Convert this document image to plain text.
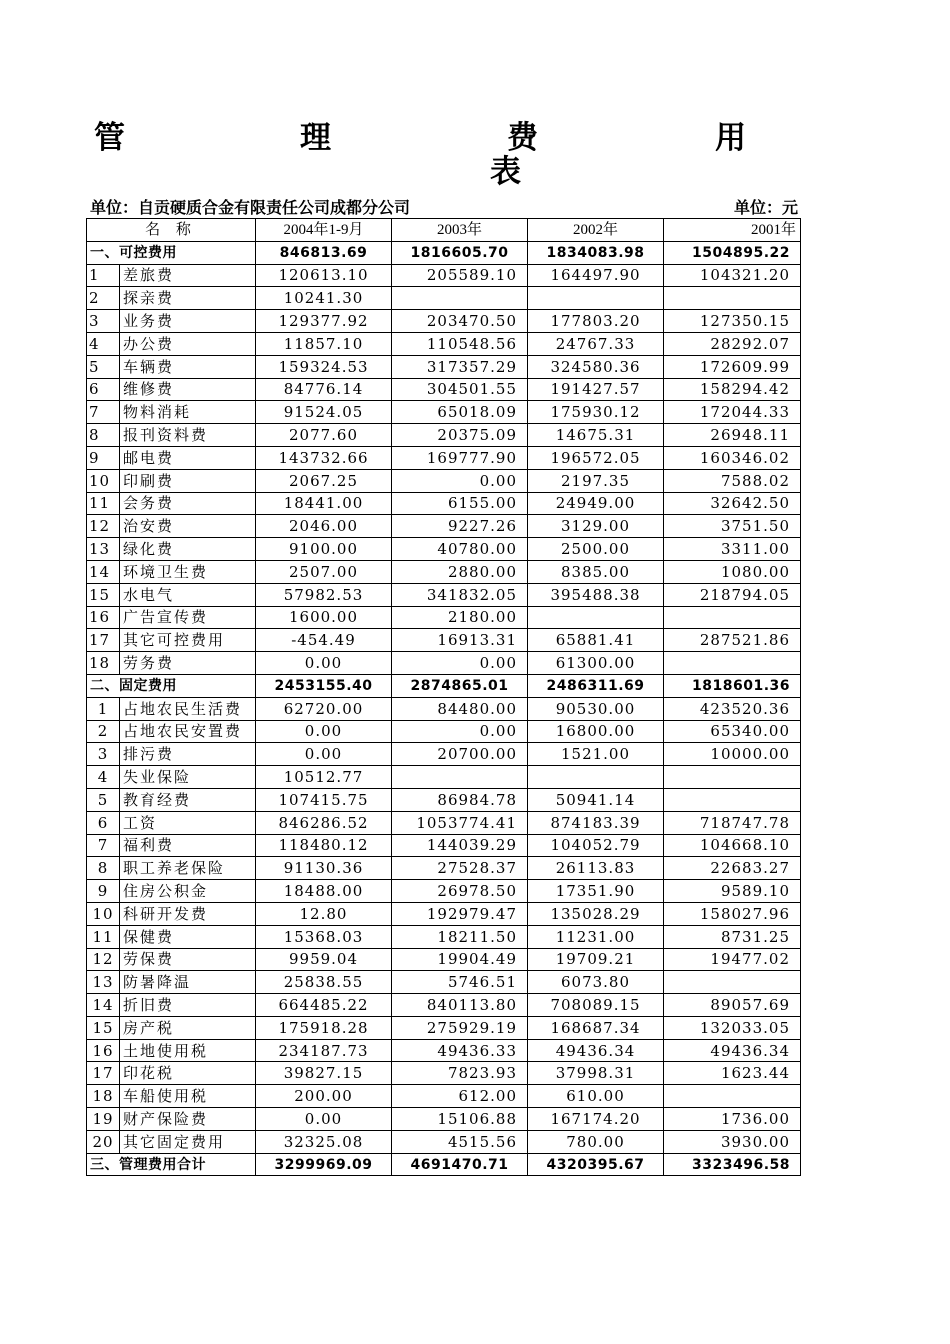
管	理	费	用
表
单位：自贡硬质合金有限责任公司成都分公司	单位：元
名 称		2004年1-9月	2003年	2002年	2001年
一、可控费用		846813.69	1816605.70	1834083.98	1504895.22
1	差旅费	120613.10	205589.10	164497.90	104321.20
2	探亲费	10241.30			
3	业务费	129377.92	203470.50	177803.20	127350.15
4	办公费	11857.10	110548.56	24767.33	28292.07
5	车辆费	159324.53	317357.29	324580.36	172609.99
6	维修费	84776.14	304501.55	191427.57	158294.42
7	物料消耗	91524.05	65018.09	175930.12	172044.33
8	报刊资料费	2077.60	20375.09	14675.31	26948.11
9	邮电费	143732.66	169777.90	196572.05	160346.02
10	印刷费	2067.25	0.00	2197.35	7588.02
11	会务费	18441.00	6155.00	24949.00	32642.50
12	治安费	2046.00	9227.26	3129.00	3751.50
13	绿化费	9100.00	40780.00	2500.00	3311.00
14	环境卫生费	2507.00	2880.00	8385.00	1080.00
15	水电气	57982.53	341832.05	395488.38	218794.05
16	广告宣传费	1600.00	2180.00		
17	其它可控费用	-454.49	16913.31	65881.41	287521.86
18	劳务费	0.00	0.00	61300.00	
二、固定费用		2453155.40	2874865.01	2486311.69	1818601.36
1	占地农民生活费	62720.00	84480.00	90530.00	423520.36
2	占地农民安置费	0.00	0.00	16800.00	65340.00
3	排污费	0.00	20700.00	1521.00	10000.00
4	失业保险	10512.77			
5	教育经费	107415.75	86984.78	50941.14	
6	工资	846286.52	1053774.41	874183.39	718747.78
7	福利费	118480.12	144039.29	104052.79	104668.10
8	职工养老保险	91130.36	27528.37	26113.83	22683.27
9	住房公积金	18488.00	26978.50	17351.90	9589.10
10	科研开发费	12.80	192979.47	135028.29	158027.96
11	保健费	15368.03	18211.50	11231.00	8731.25
12	劳保费	9959.04	19904.49	19709.21	19477.02
13	防暑降温	25838.55	5746.51	6073.80	
14	折旧费	664485.22	840113.80	708089.15	89057.69
15	房产税	175918.28	275929.19	168687.34	132033.05
16	土地使用税	234187.73	49436.33	49436.34	49436.34
17	印花税	39827.15	7823.93	37998.31	1623.44
18	车船使用税	200.00	612.00	610.00	
19	财产保险费	0.00	15106.88	167174.20	1736.00
20	其它固定费用	32325.08	4515.56	780.00	3930.00
三、管理费用合计		3299969.09	4691470.71	4320395.67	3323496.58
